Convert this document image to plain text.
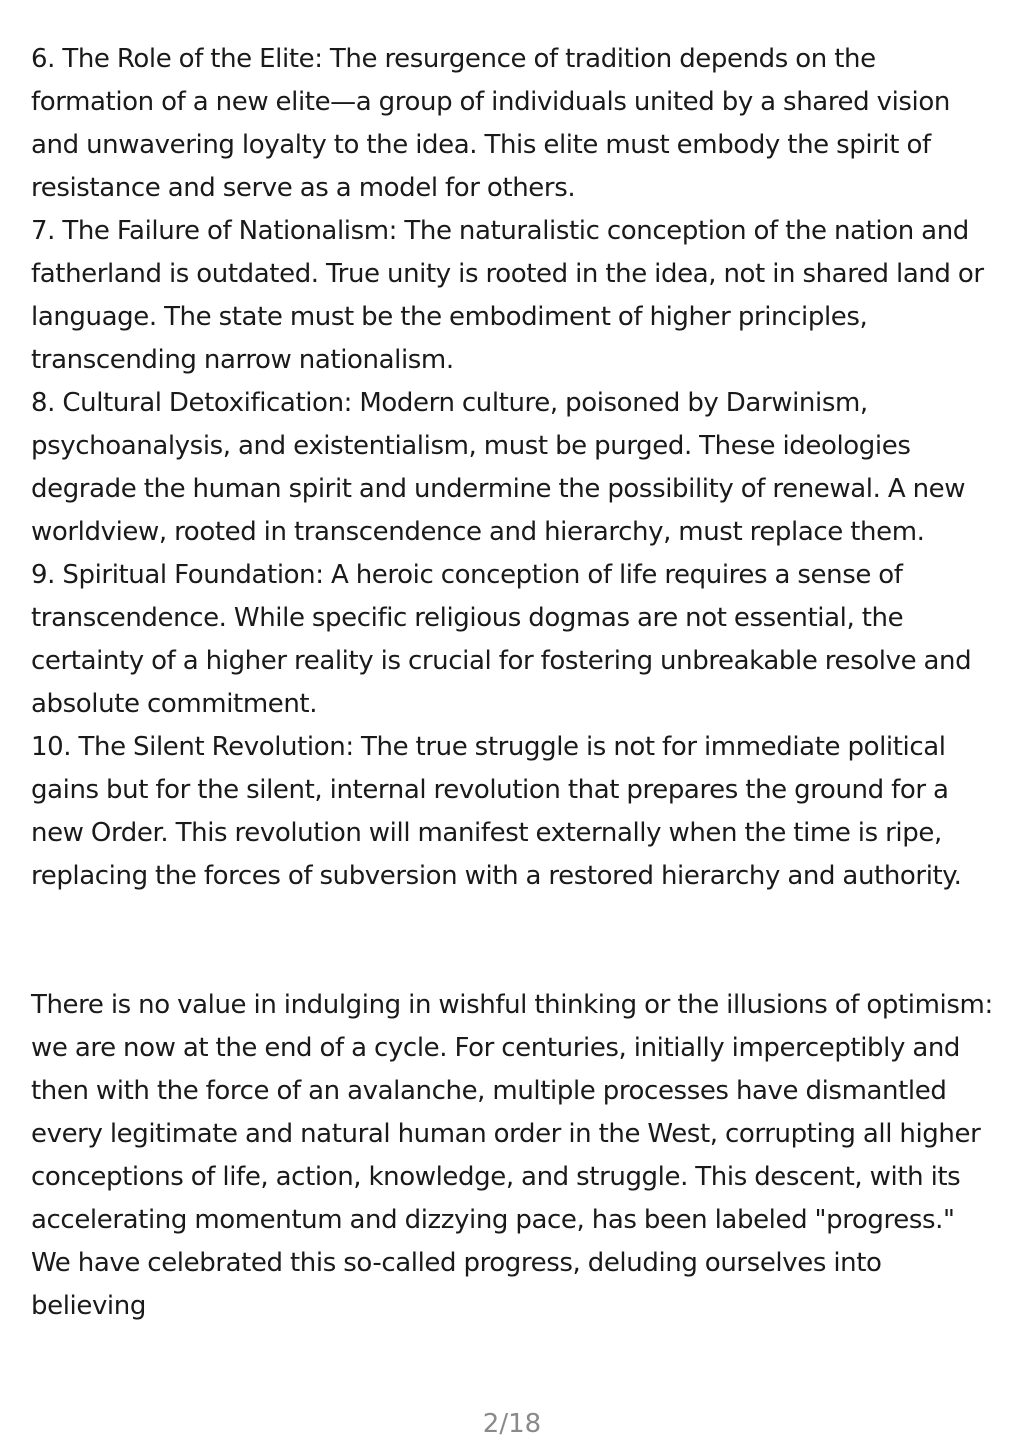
6. The Role of the Elite: The resurgence of tradition depends on the formation of a new elite—a group of individuals united by a shared vision and unwavering loyalty to the idea. This elite must embody the spirit of resistance and serve as a model for others.

7. The Failure of Nationalism: The naturalistic conception of the nation and fatherland is outdated. True unity is rooted in the idea, not in shared land or language. The state must be the embodiment of higher principles, transcending narrow nationalism.

8. Cultural Detoxification: Modern culture, poisoned by Darwinism, psychoanalysis, and existentialism, must be purged. These ideologies degrade the human spirit and undermine the possibility of renewal. A new worldview, rooted in transcendence and hierarchy, must replace them.

9. Spiritual Foundation: A heroic conception of life requires a sense of transcendence. While specific religious dogmas are not essential, the certainty of a higher reality is crucial for fostering unbreakable resolve and absolute commitment.

10. The Silent Revolution: The true struggle is not for immediate political gains but for the silent, internal revolution that prepares the ground for a new Order. This revolution will manifest externally when the time is ripe, replacing the forces of subversion with a restored hierarchy and authority.

There is no value in indulging in wishful thinking or the illusions of optimism: we are now at the end of a cycle. For centuries, initially imperceptibly and then with the force of an avalanche, multiple processes have dismantled every legitimate and natural human order in the West, corrupting all higher conceptions of life, action, knowledge, and struggle. This descent, with its accelerating momentum and dizzying pace, has been labeled "progress." We have celebrated this so-called progress, deluding ourselves into believing

2/18
